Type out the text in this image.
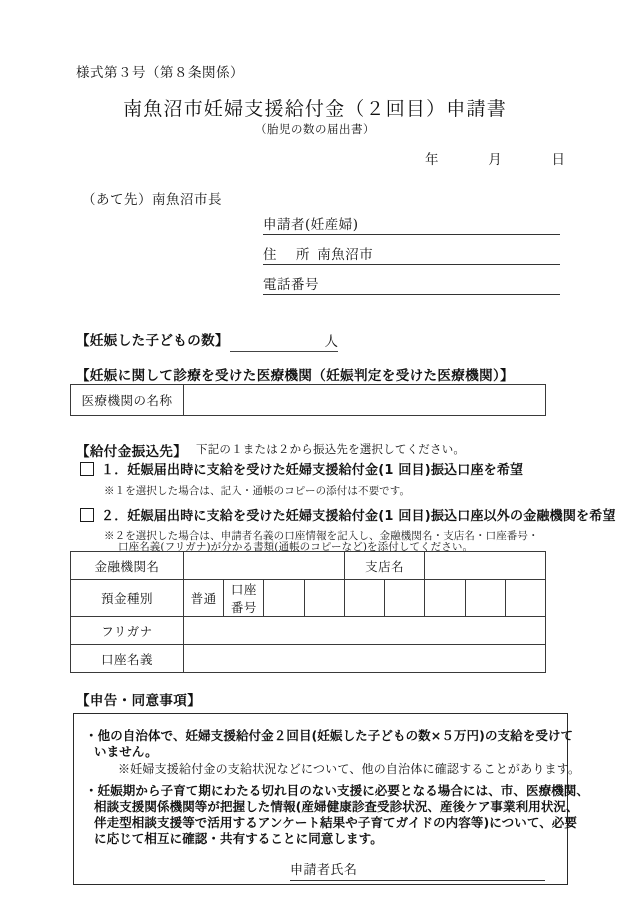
様式第３号（第８条関係）
南魚沼市妊婦支援給付金（２回目）申請書
（胎児の数の届出書）
年	月	日
（あて先）南魚沼市長
申請者(妊産婦)
住　所 南魚沼市
電話番号
【妊娠した子どもの数】	人
【妊娠に関して診療を受けた医療機関（妊娠判定を受けた医療機関）】
医療機関の名称	
【給付金振込先】 下記の１または２から振込先を選択してください。
１．妊娠届出時に支給を受けた妊婦支援給付金(1 回目)振込口座を希望
※１を選択した場合は、記入・通帳のコピーの添付は不要です。
２．妊娠届出時に支給を受けた妊婦支援給付金(1 回目)振込口座以外の金融機関を希望
※２を選択した場合は、申請者名義の口座情報を記入し、金融機関名・支店名・口座番号・
口座名義(フリガナ)が分かる書類(通帳のコピーなど)を添付してください。
金融機関名					支店名				
預金種別	普通	口座番号							
フリガナ									
口座名義									
【申告・同意事項】
・他の自治体で、妊婦支援給付金２回目(妊娠した子どもの数×５万円)の支給を受けて
いません。
※妊婦支援給付金の支給状況などについて、他の自治体に確認することがあります。
・妊娠期から子育て期にわたる切れ目のない支援に必要となる場合には、市、医療機関、
相談支援関係機関等が把握した情報(産婦健康診査受診状況、産後ケア事業利用状況、
伴走型相談支援等で活用するアンケート結果や子育てガイドの内容等)について、必要
に応じて相互に確認・共有することに同意します。
申請者氏名
